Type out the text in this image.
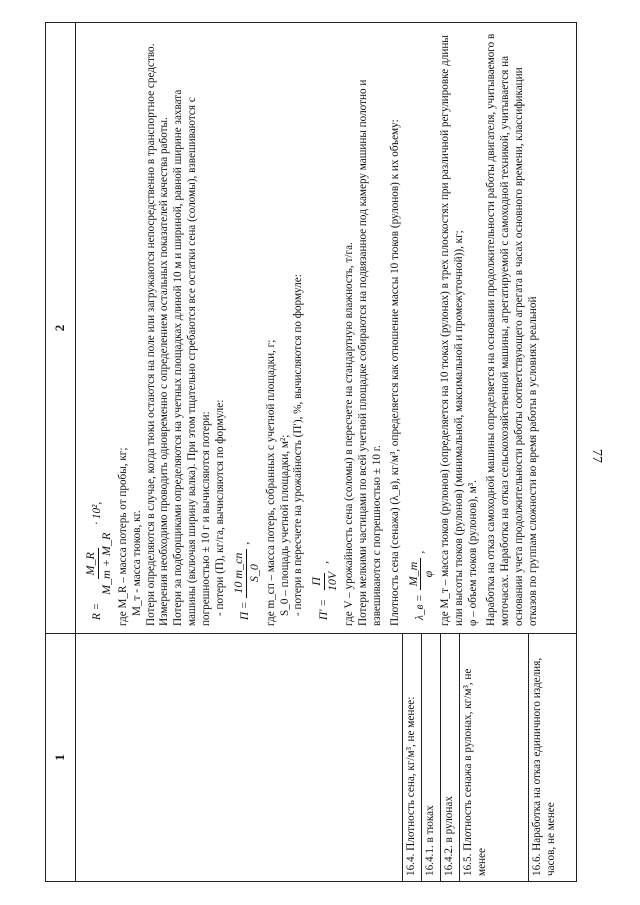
77
1
2
16.4. Плотность сена, кг/м³, не менее: 16.4.1. в тюках 16.4.2. в рулонах 16.5. Плотность сенажа в рулонах, кг/м³, не менее	16.6. Наработка на отказ единичного изделия, часов, не менее
R =
M_R M_т + M_R
· 10², где M_R – масса потерь от пробы, кг; M_т - масса тюков, кг. Потери определяются в случае, когда тюки остаются на поле или загружаются непосредственно в транспортное средство. Измерения необходимо проводить одновременно с определением остальных показателей качества работы. Потери за подборщиками определяются на учетных площадках длиной 10 м и шириной, равной ширине захвата машины (включая ширину валка). При этом тщательно сгребаются все остатки сена (соломы), взвешиваются с погрешностью ± 10 г и вычисляются потери: - потери (П), кг/га, вычисляются по формуле: П =
10 m_сп S_0
, где m_сп – масса потерь, собранных с учетной площадки, г; S_0 – площадь учетной площадки, м²; - потери в пересчете на урожайность (П′), %, вычисляются по формуле: П′ =
П 10V
, где V – урожайность сена (соломы) в пересчете на стандартную влажность, т/га. Потери мелкими частицами по всей учетной площадке собираются на подвязанное под камеру машины полотно и взвешиваются с погрешностью ± 10 г. Плотность сена (сенажа) (λ_в), кг/м³, определяется как отношение массы 10 тюков (рулонов) к их объему: λ_в =
M_т φ
, где M_т – масса тюков (рулонов) (определяется на 10 тюках (рулонах) в трех плоскостях при различной регулировке длины или высоты тюков (рулонов) (минимальной, максимальной и промежуточной)), кг; φ – объем тюков (рулонов), м³. Наработка на отказ самоходной машины определяется на основании продолжительности работы двигателя, учитываемого в моточасах. Наработка на отказ сельскохозяйственной машины, агрегатируемой с самоходной техникой, учитывается на основании учета продолжительности работы соответствующего агрегата в часах основного времени, классификации отказов по группам сложности во время работы в условиях реальной
